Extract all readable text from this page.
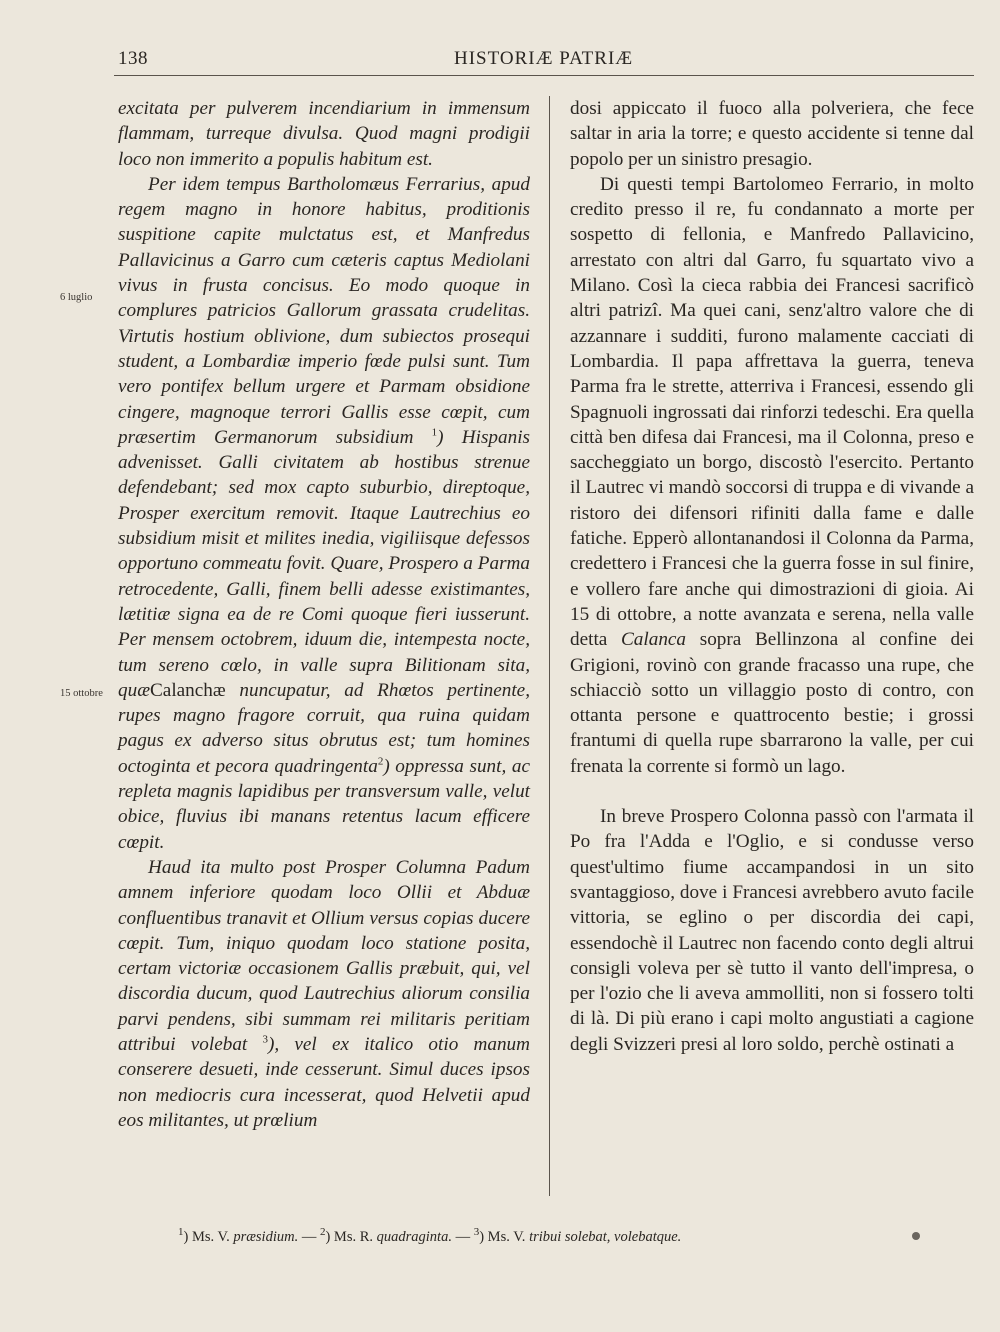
138	HISTORIÆ PATRIÆ
6 luglio
15 ottobre

excitata per pulverem incendiarium in immensum flammam, turreque divulsa. Quod magni prodigii loco non immerito a populis habitum est.

Per idem tempus Bartholomæus Ferrarius, apud regem magno in honore habitus, proditionis suspitione capite mulctatus est, et Manfredus Pallavicinus a Garro cum cæteris captus Mediolani vivus in frusta concisus. Eo modo quoque in complures patricios Gallorum grassata crudelitas. Virtutis hostium oblivione, dum subiectos prosequi student, a Lombardiæ imperio fœde pulsi sunt. Tum vero pontifex bellum urgere et Parmam obsidione cingere, magnoque terrori Gallis esse cœpit, cum præsertim Germanorum subsidium $^1$) Hispanis advenisset. Galli civitatem ab hostibus strenue defendebant; sed mox capto suburbio, direptoque, Prosper exercitum removit. Itaque Lautrechius eo subsidium misit et milites inedia, vigiliisque defessos opportuno commeatu fovit. Quare, Prospero a Parma retrocedente, Galli, finem belli adesse existimantes, lætitiæ signa ea de re Comi quoque fieri iusserunt. Per mensem octobrem, iduum die, intempesta nocte, tum sereno cœlo, in valle supra Bilitionam sita, quæCalanchæ nuncupatur, ad Rhœtos pertinente, rupes magno fragore corruit, qua ruina quidam pagus ex adverso situs obrutus est; tum homines octoginta et pecora quadringenta$^2$) oppressa sunt, ac repleta magnis lapidibus per transversum valle, velut obice, fluvius ibi manans retentus lacum efficere cœpit.

Haud ita multo post Prosper Columna Padum amnem inferiore quodam loco Ollii et Abduæ confluentibus tranavit et Ollium versus copias ducere cœpit. Tum, iniquo quodam loco statione posita, certam victoriæ occasionem Gallis præbuit, qui, vel discordia ducum, quod Lautrechius aliorum consilia parvi pendens, sibi summam rei militaris peritiam attribui volebat $^3$), vel ex italico otio manum conserere desueti, inde cesserunt. Simul duces ipsos non mediocris cura incesserat, quod Helvetii apud eos militantes, ut prœlium

dosi appiccato il fuoco alla polveriera, che fece saltar in aria la torre; e questo accidente si tenne dal popolo per un sinistro presagio.

Di questi tempi Bartolomeo Ferrario, in molto credito presso il re, fu condannato a morte per sospetto di fellonia, e Manfredo Pallavicino, arrestato con altri dal Garro, fu squartato vivo a Milano. Così la cieca rabbia dei Francesi sacrificò altri patrizî. Ma quei cani, senz'altro valore che di azzannare i sudditi, furono malamente cacciati di Lombardia. Il papa affrettava la guerra, teneva Parma fra le strette, atterriva i Francesi, essendo gli Spagnuoli ingrossati dai rinforzi tedeschi. Era quella città ben difesa dai Francesi, ma il Colonna, preso e saccheggiato un borgo, discostò l'esercito. Pertanto il Lautrec vi mandò soccorsi di truppa e di vivande a ristoro dei difensori rifiniti dalla fame e dalle fatiche. Epperò allontanandosi il Colonna da Parma, credettero i Francesi che la guerra fosse in sul finire, e vollero fare anche qui dimostrazioni di gioia. Ai 15 di ottobre, a notte avanzata e serena, nella valle detta Calanca sopra Bellinzona al confine dei Grigioni, rovinò con grande fracasso una rupe, che schiacciò sotto un villaggio posto di contro, con ottanta persone e quattrocento bestie; i grossi frantumi di quella rupe sbarrarono la valle, per cui frenata la corrente si formò un lago.

In breve Prospero Colonna passò con l'armata il Po fra l'Adda e l'Oglio, e si condusse verso quest'ultimo fiume accampandosi in un sito svantaggioso, dove i Francesi avrebbero avuto facile vittoria, se eglino o per discordia dei capi, essendochè il Lautrec non facendo conto degli altrui consigli voleva per sè tutto il vanto dell'impresa, o per l'ozio che li aveva ammolliti, non si fossero tolti di là. Di più erano i capi molto angustiati a cagione degli Svizzeri presi al loro soldo, perchè ostinati a

$^1$) Ms. V. præsidium. — $^2$) Ms. R. quadraginta. — $^3$) Ms. V. tribui solebat, volebatque.
